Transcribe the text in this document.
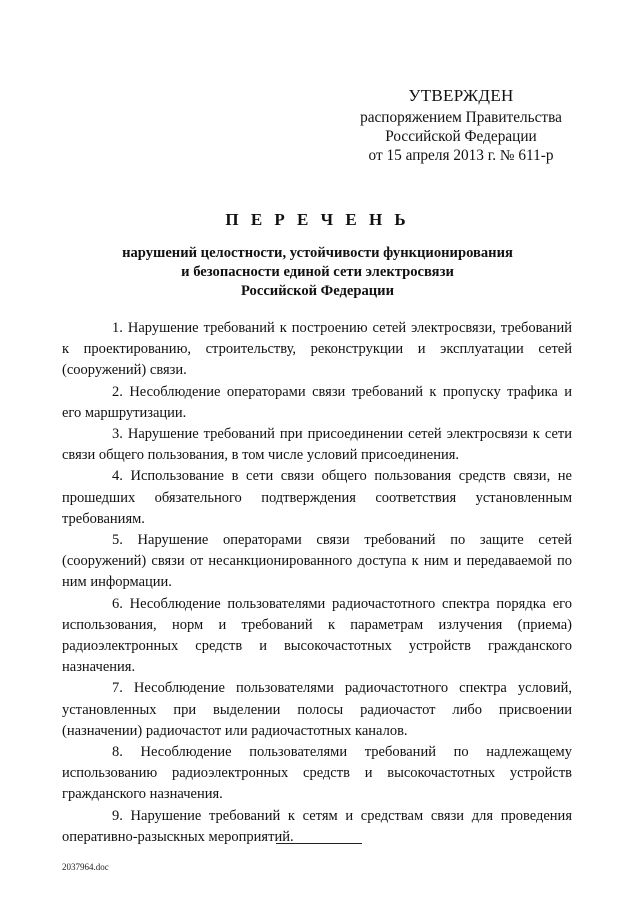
УТВЕРЖДЕН
распоряжением Правительства
Российской Федерации
от 15 апреля 2013 г. № 611-р
П Е Р Е Ч Е Н Ь
нарушений целостности, устойчивости функционирования
и безопасности единой сети электросвязи
Российской Федерации

1. Нарушение требований к построению сетей электросвязи, требований к проектированию, строительству, реконструкции и эксплуатации сетей (сооружений) связи.

2. Несоблюдение операторами связи требований к пропуску трафика и его маршрутизации.

3. Нарушение требований при присоединении сетей электросвязи к сети связи общего пользования, в том числе условий присоединения.

4. Использование в сети связи общего пользования средств связи, не прошедших обязательного подтверждения соответствия установленным требованиям.

5. Нарушение операторами связи требований по защите сетей (сооружений) связи от несанкционированного доступа к ним и передаваемой по ним информации.

6. Несоблюдение пользователями радиочастотного спектра порядка его использования, норм и требований к параметрам излучения (приема) радиоэлектронных средств и высокочастотных устройств гражданского назначения.

7. Несоблюдение пользователями радиочастотного спектра условий, установленных при выделении полосы радиочастот либо присвоении (назначении) радиочастот или радиочастотных каналов.

8. Несоблюдение пользователями требований по надлежащему использованию радиоэлектронных средств и высокочастотных устройств гражданского назначения.

9. Нарушение требований к сетям и средствам связи для проведения оперативно-разыскных мероприятий.

2037964.doc
